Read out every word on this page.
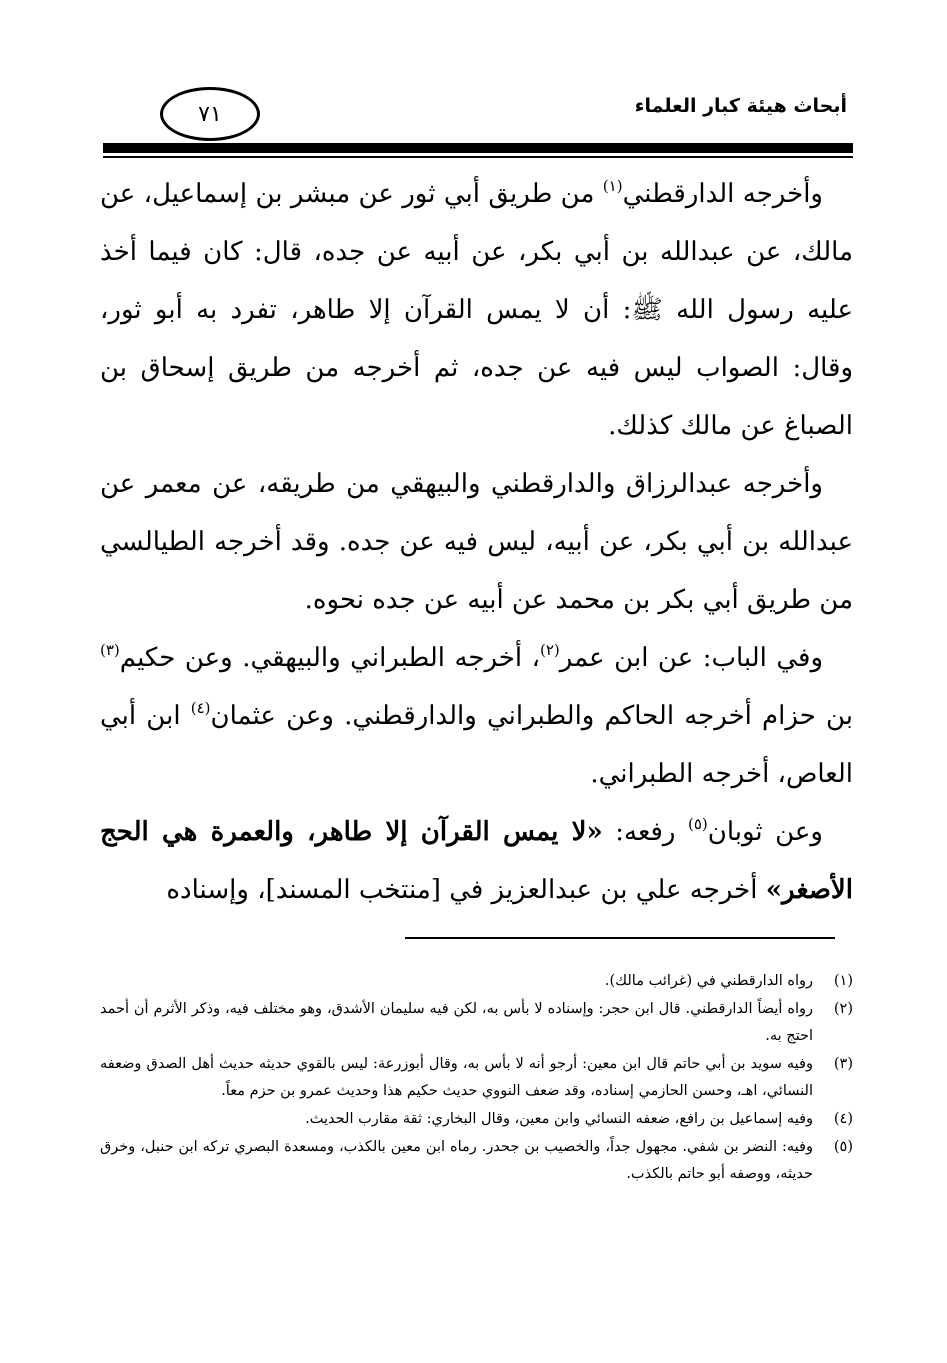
أبحاث هيئة كبار العلماء
٧١

وأخرجه الدارقطني$^{(١)}$ من طريق أبي ثور عن مبشر بن إسماعيل، عن مالك، عن عبدالله بن أبي بكر، عن أبيه عن جده، قال: كان فيما أخذ عليه رسول الله ﷺ: أن لا يمس القرآن إلا طاهر، تفرد به أبو ثور، وقال: الصواب ليس فيه عن جده، ثم أخرجه من طريق إسحاق بن الصباغ عن مالك كذلك.

وأخرجه عبدالرزاق والدارقطني والبيهقي من طريقه، عن معمر عن عبدالله بن أبي بكر، عن أبيه، ليس فيه عن جده. وقد أخرجه الطيالسي من طريق أبي بكر بن محمد عن أبيه عن جده نحوه.

وفي الباب: عن ابن عمر$^{(٢)}$، أخرجه الطبراني والبيهقي. وعن حكيم$^{(٣)}$ بن حزام أخرجه الحاكم والطبراني والدارقطني. وعن عثمان$^{(٤)}$ ابن أبي العاص، أخرجه الطبراني.

وعن ثوبان$^{(٥)}$ رفعه: «لا يمس القرآن إلا طاهر، والعمرة هي الحج الأصغر» أخرجه علي بن عبدالعزيز في [منتخب المسند]، وإسناده

(١)
رواه الدارقطني في (غرائب مالك).
(٢)
رواه أيضاً الدارقطني. قال ابن حجر: وإسناده لا بأس به، لكن فيه سليمان الأشدق، وهو مختلف فيه، وذكر الأثرم أن أحمد احتج به.
(٣)
وفيه سويد بن أبي حاتم قال ابن معين: أرجو أنه لا بأس به، وقال أبوزرعة: ليس بالقوي حديثه حديث أهل الصدق وضعفه النسائي، اهـ، وحسن الحازمي إسناده، وقد ضعف النووي حديث حكيم هذا وحديث عمرو بن حزم معاً.
(٤)
وفيه إسماعيل بن رافع، ضعفه النسائي وابن معين، وقال البخاري: ثقة مقارب الحديث.
(٥)
وفيه: النضر بن شفي. مجهول جداً، والخصيب بن جحدر. رماه ابن معين بالكذب، ومسعدة البصري تركه ابن حنبل، وخرق حديثه، ووصفه أبو حاتم بالكذب.
